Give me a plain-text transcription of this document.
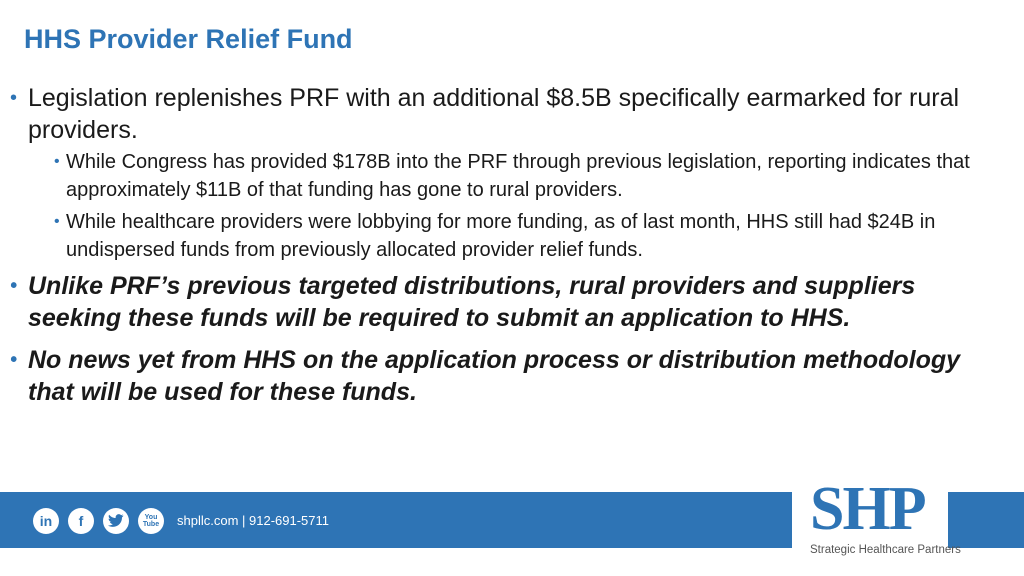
HHS Provider Relief Fund
• Legislation replenishes PRF with an additional $8.5B specifically earmarked for rural providers.
• While Congress has provided $178B into the PRF through previous legislation, reporting indicates that approximately $11B of that funding has gone to rural providers.
• While healthcare providers were lobbying for more funding, as of last month, HHS still had $24B in undispersed funds from previously allocated provider relief funds.
• Unlike PRF’s previous targeted distributions, rural providers and suppliers seeking these funds will be required to submit an application to HHS.
• No news yet from HHS on the application process or distribution methodology that will be used for these funds.
in	f	You
Tube shpllc.com | 912-691-5711	SHP
Strategic Healthcare Partners
